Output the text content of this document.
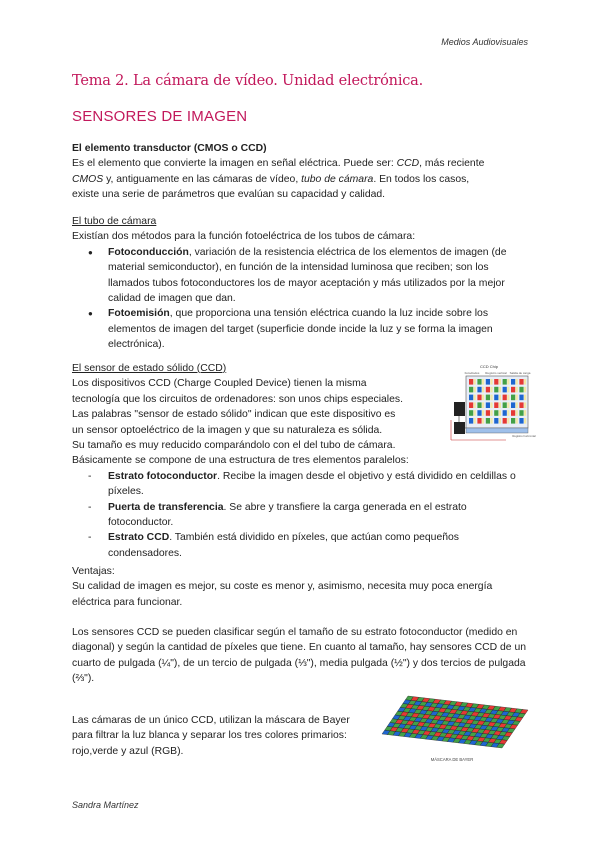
Medios Audiovisuales
Tema 2. La cámara de vídeo. Unidad electrónica.
SENSORES DE IMAGEN

El elemento transductor (CMOS o CCD)

Es el elemento que convierte la imagen en señal eléctrica. Puede ser: CCD, más reciente
CMOS y, antiguamente en las cámaras de vídeo, tubo de cámara. En todos los casos,
existe una serie de parámetros que evalúan su capacidad y calidad.

El tubo de cámara

Existían dos métodos para la función fotoeléctrica de los tubos de cámara:

● Fotoconducción, variación de la resistencia eléctrica de los elementos de imagen (de material semiconductor), en función de la intensidad luminosa que reciben; son los llamados tubos fotoconductores los de mayor aceptación y más utilizados por la mejor calidad de imagen que dan.
● Fotoemisión, que proporciona una tensión eléctrica cuando la luz incide sobre los elementos de imagen del target (superficie donde incide la luz y se forma la imagen electrónica).

El sensor de estado sólido (CCD)

Los dispositivos CCD (Charge Coupled Device) tienen la misma

tecnología que los circuitos de ordenadores: son unos chips especiales.

Las palabras "sensor de estado sólido" indican que este dispositivo es

un sensor optoeléctrico de la imagen y que su naturaleza es sólida.

Su tamaño es muy reducido comparándolo con el del tubo de cámara.

Básicamente se compone de una estructura de tres elementos paralelos:

- Estrato fotoconductor. Recibe la imagen desde el objetivo y está dividido en celdillas o píxeles.
- Puerta de transferencia. Se abre y transfiere la carga generada en el estrato fotoconductor.
- Estrato CCD. También está dividido en píxeles, que actúan como pequeños condensadores.
CCD Chip
Fotodiodos Registro vertical Salida de carga
Registro horizontal

Ventajas:

Su calidad de imagen es mejor, su coste es menor y, asimismo, necesita muy poca energía eléctrica para funcionar.

Los sensores CCD se pueden clasificar según el tamaño de su estrato fotoconductor (medido en diagonal) y según la cantidad de píxeles que tiene. En cuanto al tamaño, hay sensores CCD de un cuarto de pulgada (¼"), de un tercio de pulgada (⅓"), media pulgada (½") y dos tercios de pulgada (⅔").

Las cámaras de un único CCD, utilizan la máscara de Bayer para filtrar la luz blanca y separar los tres colores primarios: rojo,verde y azul (RGB).

MÁSCARA DE BAYER
Sandra Martínez
